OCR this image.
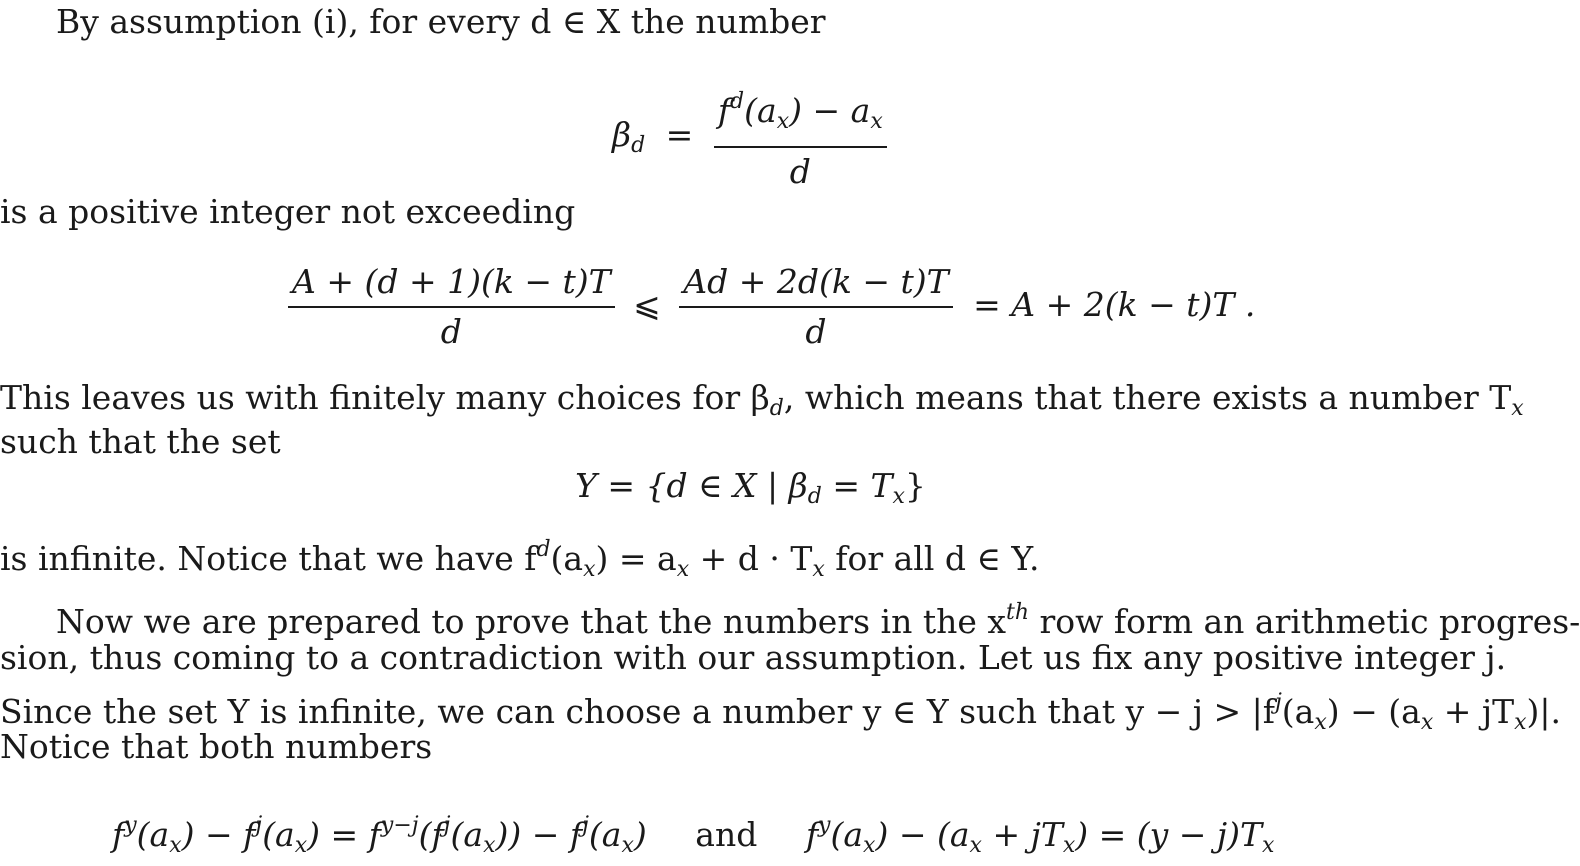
By assumption (i), for every d ∈ X the number
$\beta_d = \frac{f^d(a_x) - a_x}{d}$
is a positive integer not exceeding
$\frac{A + (d + 1)(k - t)T}{d}$ ⩽ $\frac{Ad + 2d(k - t)T}{d} = A + 2(k - t)T$ .
This leaves us with finitely many choices for $\beta_d$, which means that there exists a number $T_x$
such that the set
Y = {d ∈ X | $\beta_d = T_x$}
is infinite. Notice that we have $f^d(a_x) = a_x + d \cdot T_x$ for all d ∈ Y.
Now we are prepared to prove that the numbers in the $x^{th}$ row form an arithmetic progres-
sion, thus coming to a contradiction with our assumption. Let us fix any positive integer j.
Since the set Y is infinite, we can choose a number y ∈ Y such that $y - j > |f^j(a_x) - (a_x + jT_x)|$.
Notice that both numbers
$f^y(a_x) - f^j(a_x) = f^{y-j}(f^j(a_x)) - f^j(a_x)$ and $f^y(a_x) - (a_x + jT_x) = (y - j)T_x$
